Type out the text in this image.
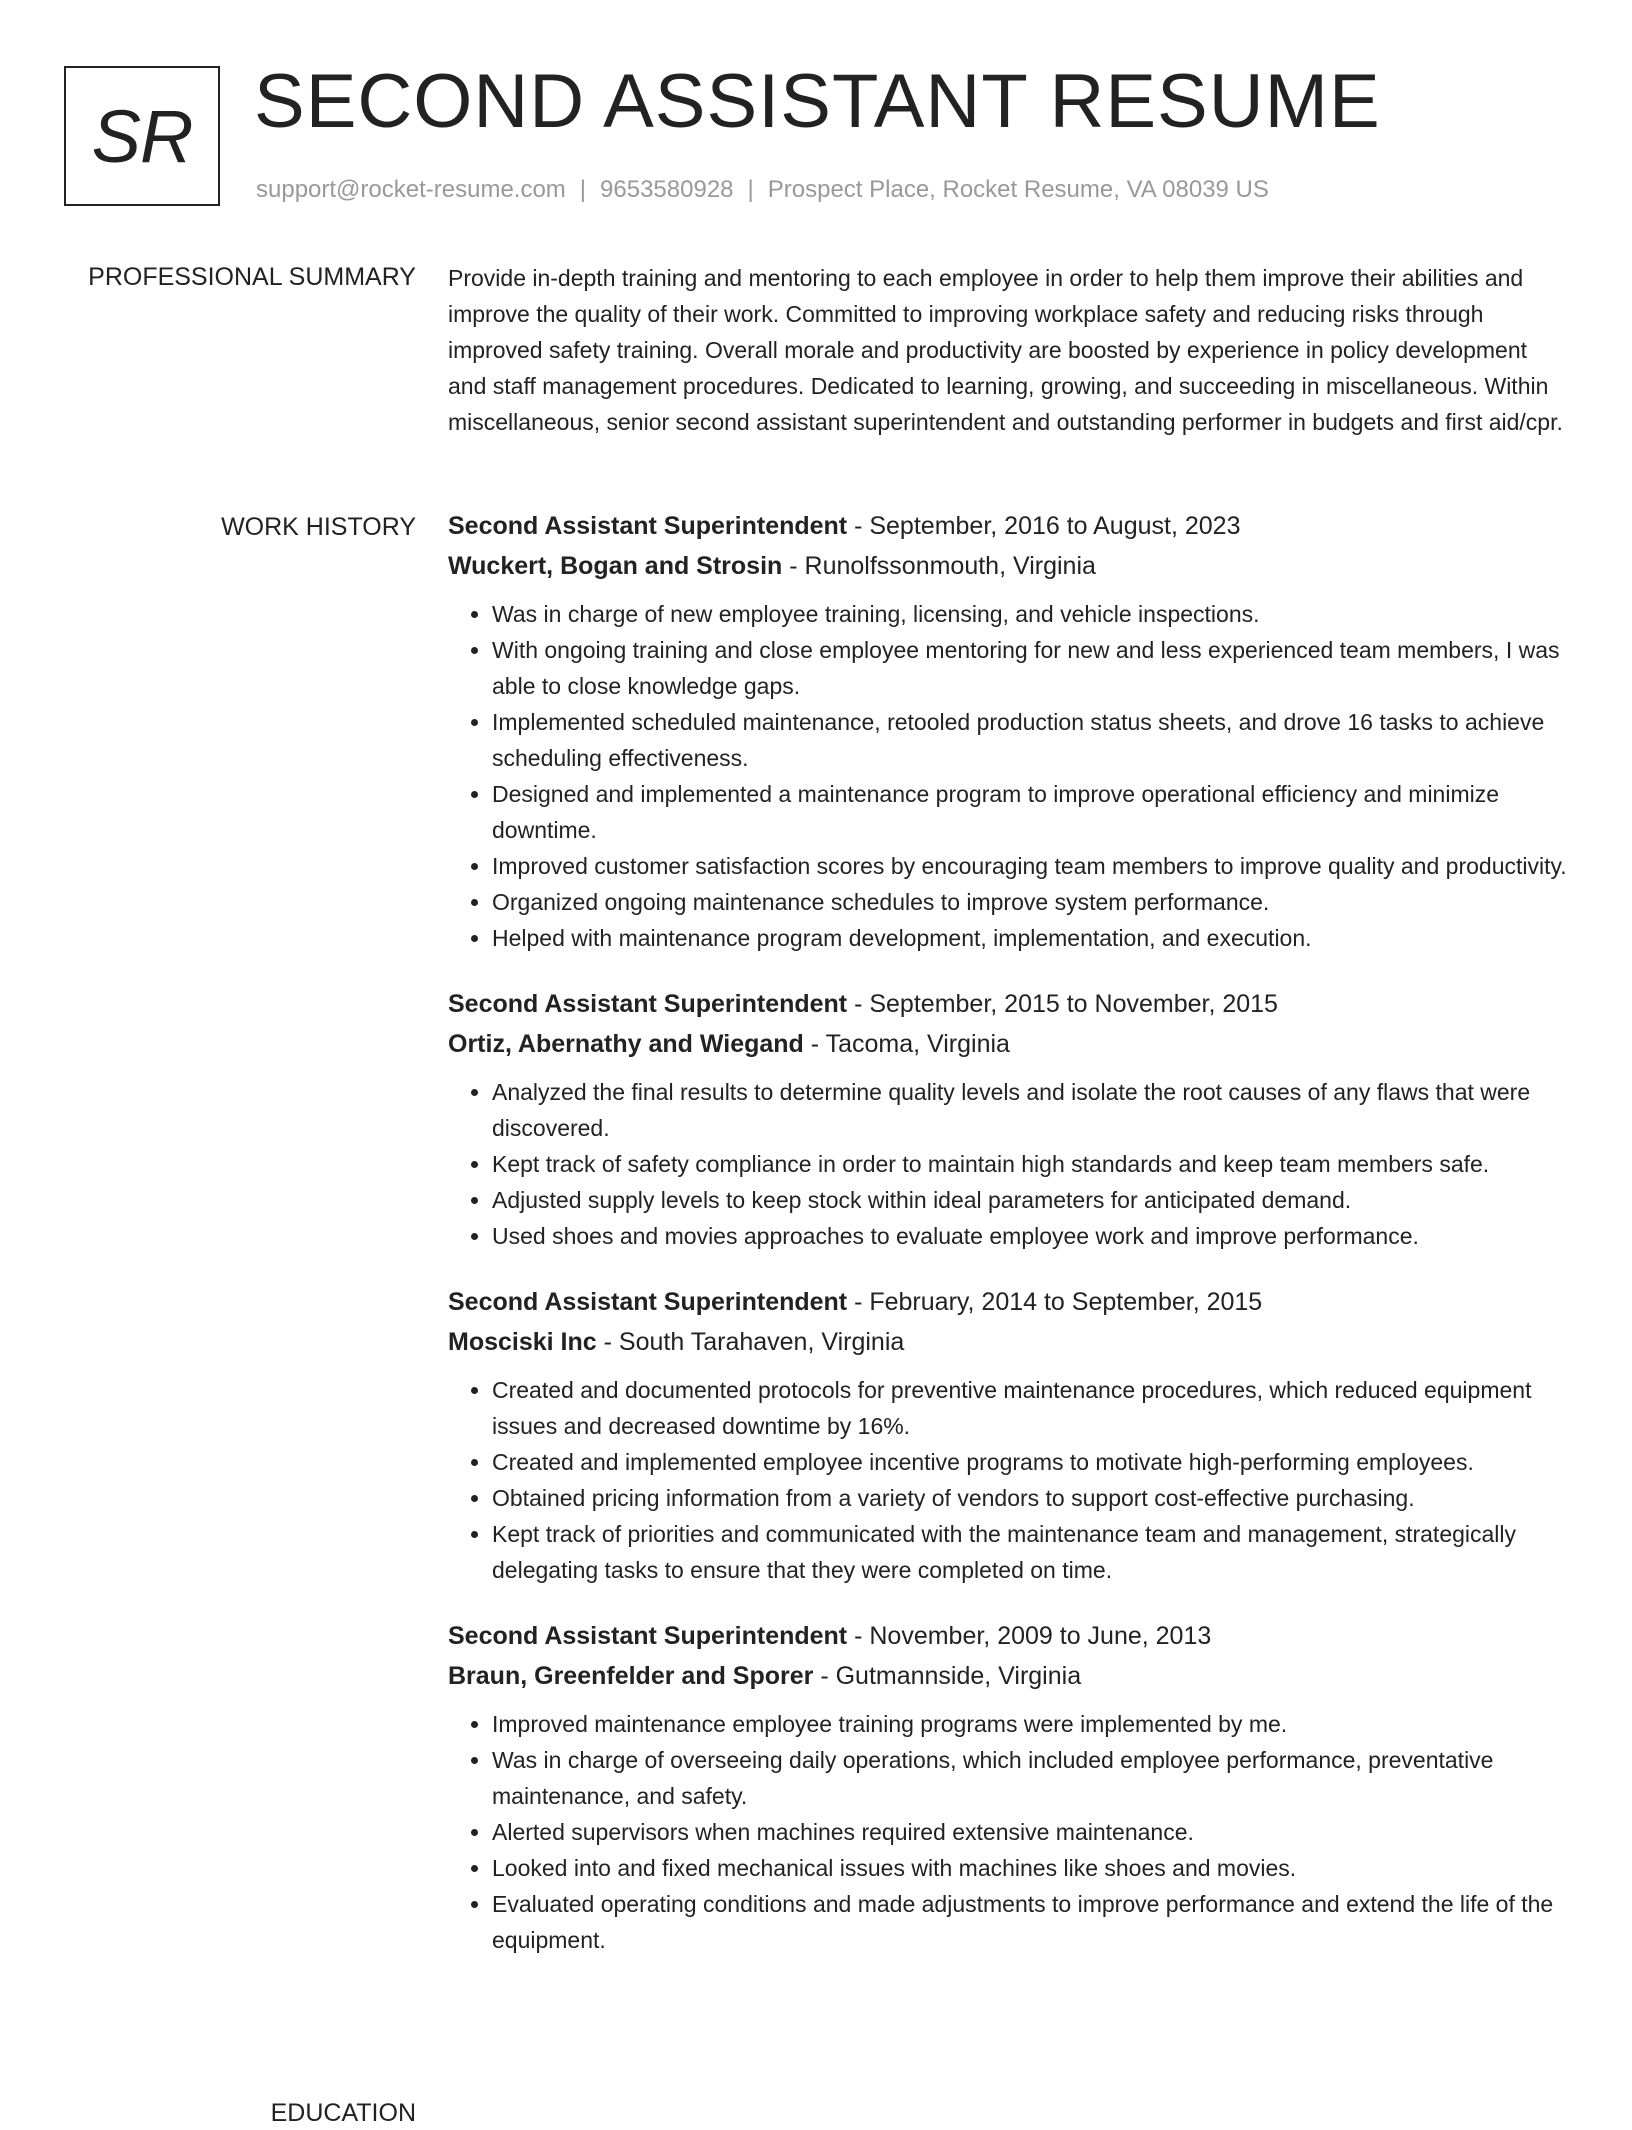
SR SECOND ASSISTANT RESUME
support@rocket-resume.com | 9653580928 | Prospect Place, Rocket Resume, VA 08039 US
PROFESSIONAL SUMMARY Provide in-depth training and mentoring to each employee in order to help them improve their abilities and improve the quality of their work. Committed to improving workplace safety and reducing risks through improved safety training. Overall morale and productivity are boosted by experience in policy development and staff management procedures. Dedicated to learning, growing, and succeeding in miscellaneous. Within miscellaneous, senior second assistant superintendent and outstanding performer in budgets and first aid/cpr.

WORK HISTORY Second Assistant Superintendent - September, 2016 to August, 2023
Wuckert, Bogan and Strosin - Runolfssonmouth, Virginia
• Was in charge of new employee training, licensing, and vehicle inspections.
• With ongoing training and close employee mentoring for new and less experienced team members, I was able to close knowledge gaps.
• Implemented scheduled maintenance, retooled production status sheets, and drove 16 tasks to achieve scheduling effectiveness.
• Designed and implemented a maintenance program to improve operational efficiency and minimize downtime.
• Improved customer satisfaction scores by encouraging team members to improve quality and productivity.
• Organized ongoing maintenance schedules to improve system performance.
• Helped with maintenance program development, implementation, and execution.
Second Assistant Superintendent - September, 2015 to November, 2015
Ortiz, Abernathy and Wiegand - Tacoma, Virginia
• Analyzed the final results to determine quality levels and isolate the root causes of any flaws that were discovered.
• Kept track of safety compliance in order to maintain high standards and keep team members safe.
• Adjusted supply levels to keep stock within ideal parameters for anticipated demand.
• Used shoes and movies approaches to evaluate employee work and improve performance.
Second Assistant Superintendent - February, 2014 to September, 2015
Mosciski Inc - South Tarahaven, Virginia
• Created and documented protocols for preventive maintenance procedures, which reduced equipment issues and decreased downtime by 16%.
• Created and implemented employee incentive programs to motivate high-performing employees.
• Obtained pricing information from a variety of vendors to support cost-effective purchasing.
• Kept track of priorities and communicated with the maintenance team and management, strategically delegating tasks to ensure that they were completed on time.
Second Assistant Superintendent - November, 2009 to June, 2013
Braun, Greenfelder and Sporer - Gutmannside, Virginia
• Improved maintenance employee training programs were implemented by me.
• Was in charge of overseeing daily operations, which included employee performance, preventative maintenance, and safety.
• Alerted supervisors when machines required extensive maintenance.
• Looked into and fixed mechanical issues with machines like shoes and movies.
• Evaluated operating conditions and made adjustments to improve performance and extend the life of the equipment.
EDUCATION
